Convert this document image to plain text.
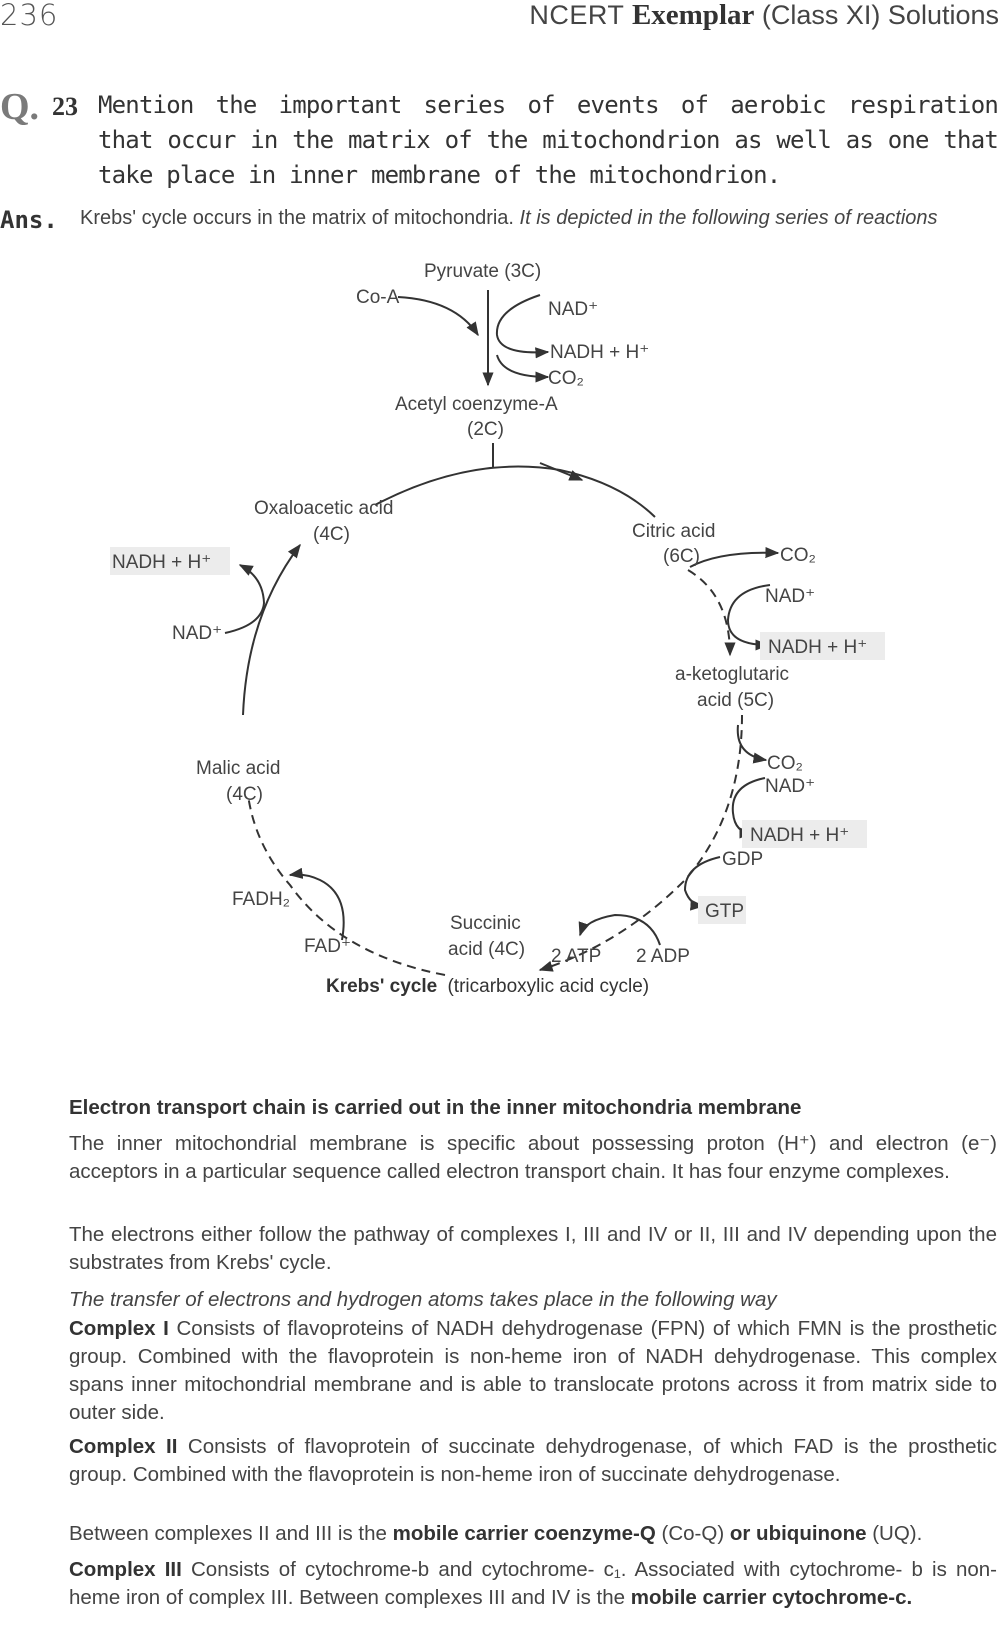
236	NCERT Exemplar (Class XI) Solutions
Q. 23 Mention the important series of events of aerobic respiration that occur in the matrix of the mitochondrion as well as one that take place in inner membrane of the mitochondrion.
Ans. Krebs' cycle occurs in the matrix of mitochondria. It is depicted in the following series of reactions
Pyruvate (3C)
Co-A
NAD⁺
NADH + H⁺
CO₂
Acetyl coenzyme-A
(2C)
Oxaloacetic acid
(4C)	Citric acid
(6C)	CO₂
NAD⁺
NADH + H⁺
a-ketoglutaric
acid (5C)
CO₂
NAD⁺
NADH + H⁺
GDP
GTP
Succinic
acid (4C) 2 ATP 2 ADP
FADH₂
FAD⁺
Malic acid
(4C)
NADH + H⁺
NAD⁺
Krebs' cycle (tricarboxylic acid cycle)
Electron transport chain is carried out in the inner mitochondria membrane
The inner mitochondrial membrane is specific about possessing proton (H⁺) and electron (e⁻) acceptors in a particular sequence called electron transport chain. It has four enzyme complexes.
The electrons either follow the pathway of complexes I, III and IV or II, III and IV depending upon the substrates from Krebs' cycle.
The transfer of electrons and hydrogen atoms takes place in the following way
Complex I Consists of flavoproteins of NADH dehydrogenase (FPN) of which FMN is the prosthetic group. Combined with the flavoprotein is non-heme iron of NADH dehydrogenase. This complex spans inner mitochondrial membrane and is able to translocate protons across it from matrix side to outer side.
Complex II Consists of flavoprotein of succinate dehydrogenase, of which FAD is the prosthetic group. Combined with the flavoprotein is non-heme iron of succinate dehydrogenase.
Between complexes II and III is the mobile carrier coenzyme-Q (Co-Q) or ubiquinone (UQ).
Complex III Consists of cytochrome-b and cytochrome- c₁. Associated with cytochrome- b is non-heme iron of complex III. Between complexes III and IV is the mobile carrier cytochrome-c.
